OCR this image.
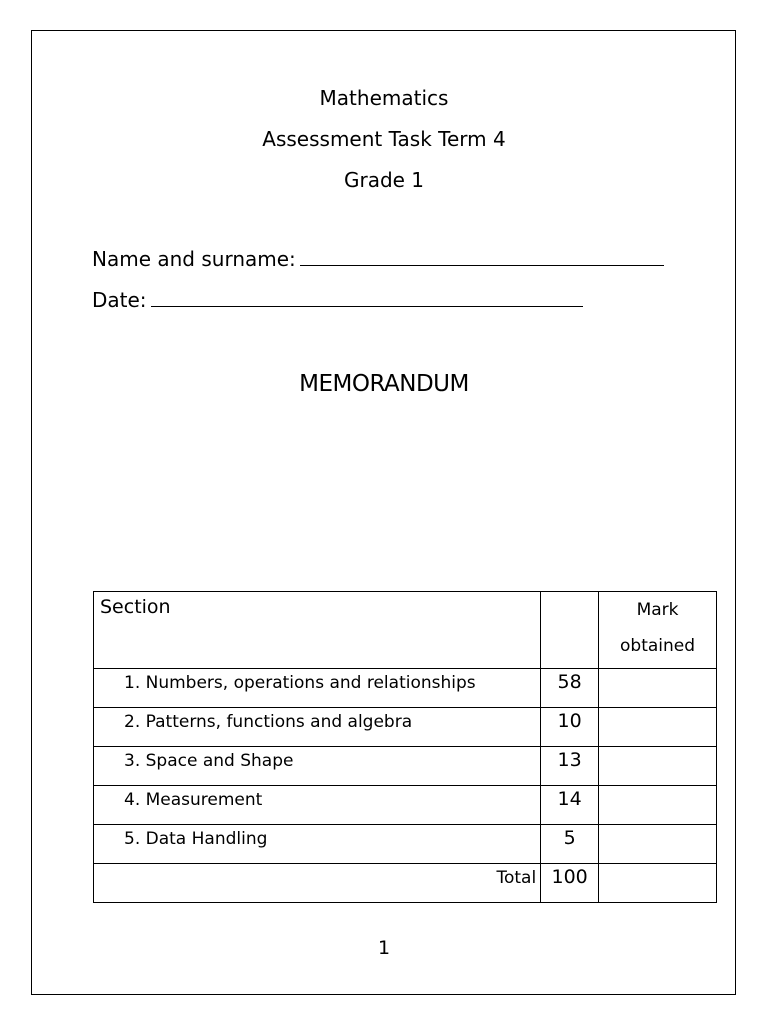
Mathematics
Assessment Task Term 4
Grade 1
Name and surname:
Date:
MEMORANDUM
Section		Mark
obtained

1. Numbers, operations and relationships	58	

2. Patterns, functions and algebra	10	

3. Space and Shape	13	

4. Measurement	14	

5. Data Handling	5	

Total	100	

1
